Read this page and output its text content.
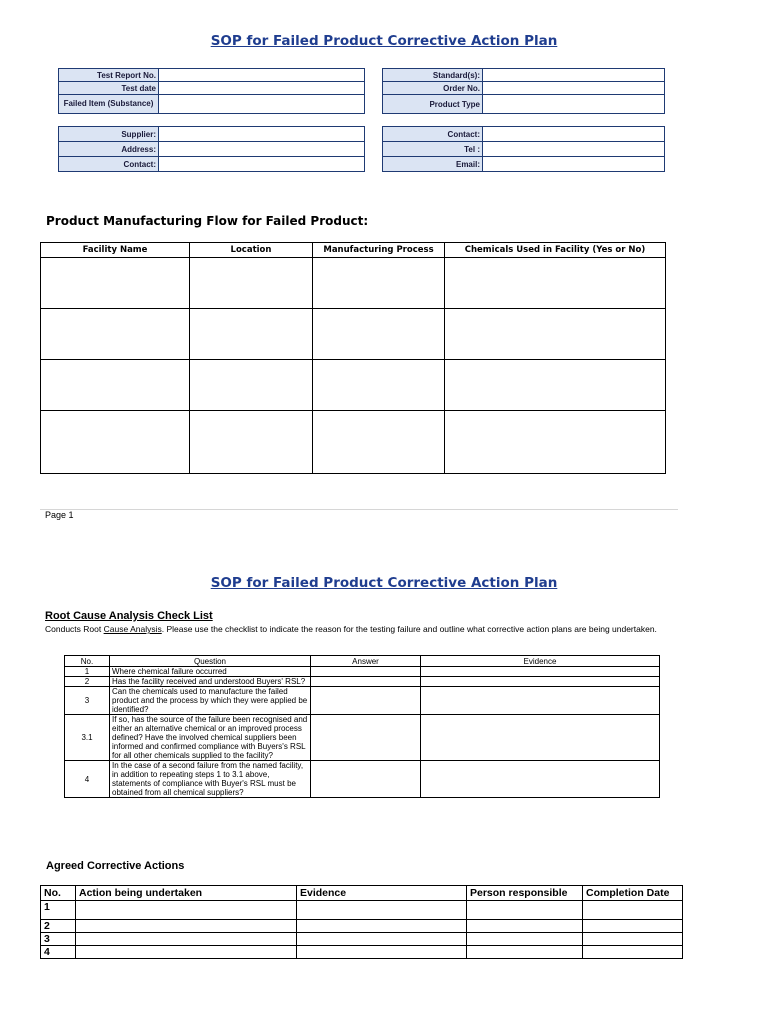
SOP for Failed Product Corrective Action Plan
Test Report No.	
Test date	
Failed Item (Substance)	
Standard(s):	
Order No.	
Product Type	
Supplier:	
Address:	
Contact:	
Contact:	
Tel :	
Email:	
Product Manufacturing Flow for Failed Product:
Facility Name	Location	Manufacturing Process	Chemicals Used in Facility (Yes or No)

Page 1
SOP for Failed Product Corrective Action Plan
Root Cause Analysis Check List
Conducts Root Cause Analysis. Please use the checklist to indicate the reason for the testing failure and outline what corrective action plans are being undertaken.
No.	Question	Answer	Evidence
1	Where chemical failure occurred		
2	Has the facility received and understood Buyers' RSL?		
3	Can the chemicals used to manufacture the failed product and the process by which they were applied be identified?		
3.1	If so, has the source of the failure been recognised and either an alternative chemical or an improved process defined? Have the involved chemical suppliers been informed and confirmed compliance with Buyers's RSL for all other chemicals supplied to the facility?		
4	In the case of a second failure from the named facility, in addition to repeating steps 1 to 3.1 above, statements of compliance with Buyer's RSL must be obtained from all chemical suppliers?		
Agreed Corrective Actions
No.	Action being undertaken	Evidence	Person responsible	Completion Date
1				
2				
3				
4				
